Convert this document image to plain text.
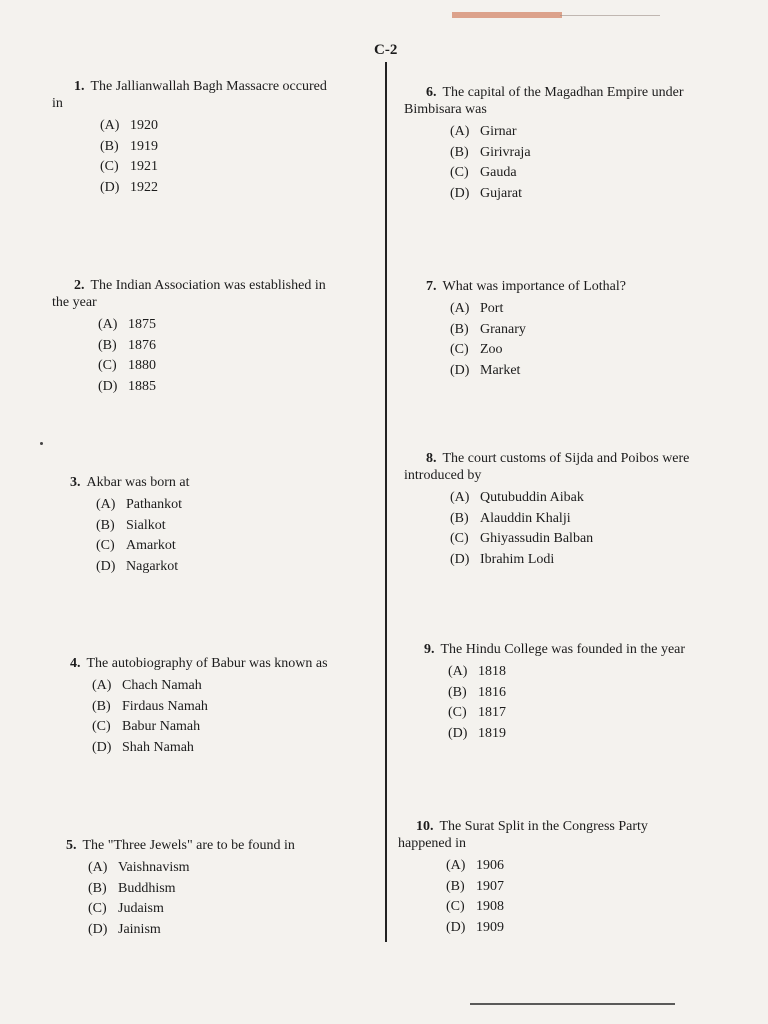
C-2

1. The Jallianwallah Bagh Massacre occured
in

(A) 1920
(B) 1919
(C) 1921
(D) 1922

2. The Indian Association was established in
the year

(A) 1875
(B) 1876
(C) 1880
(D) 1885

3. Akbar was born at

(A) Pathankot
(B) Sialkot
(C) Amarkot
(D) Nagarkot

4. The autobiography of Babur was known as

(A) Chach Namah
(B) Firdaus Namah
(C) Babur Namah
(D) Shah Namah

5. The "Three Jewels" are to be found in

(A) Vaishnavism
(B) Buddhism
(C) Judaism
(D) Jainism

6. The capital of the Magadhan Empire under
Bimbisara was

(A) Girnar
(B) Girivraja
(C) Gauda
(D) Gujarat

7. What was importance of Lothal?

(A) Port
(B) Granary
(C) Zoo
(D) Market

8. The court customs of Sijda and Poibos were
introduced by

(A) Qutubuddin Aibak
(B) Alauddin Khalji
(C) Ghiyassudin Balban
(D) Ibrahim Lodi

9. The Hindu College was founded in the year

(A) 1818
(B) 1816
(C) 1817
(D) 1819

10. The Surat Split in the Congress Party
happened in

(A) 1906
(B) 1907
(C) 1908
(D) 1909
